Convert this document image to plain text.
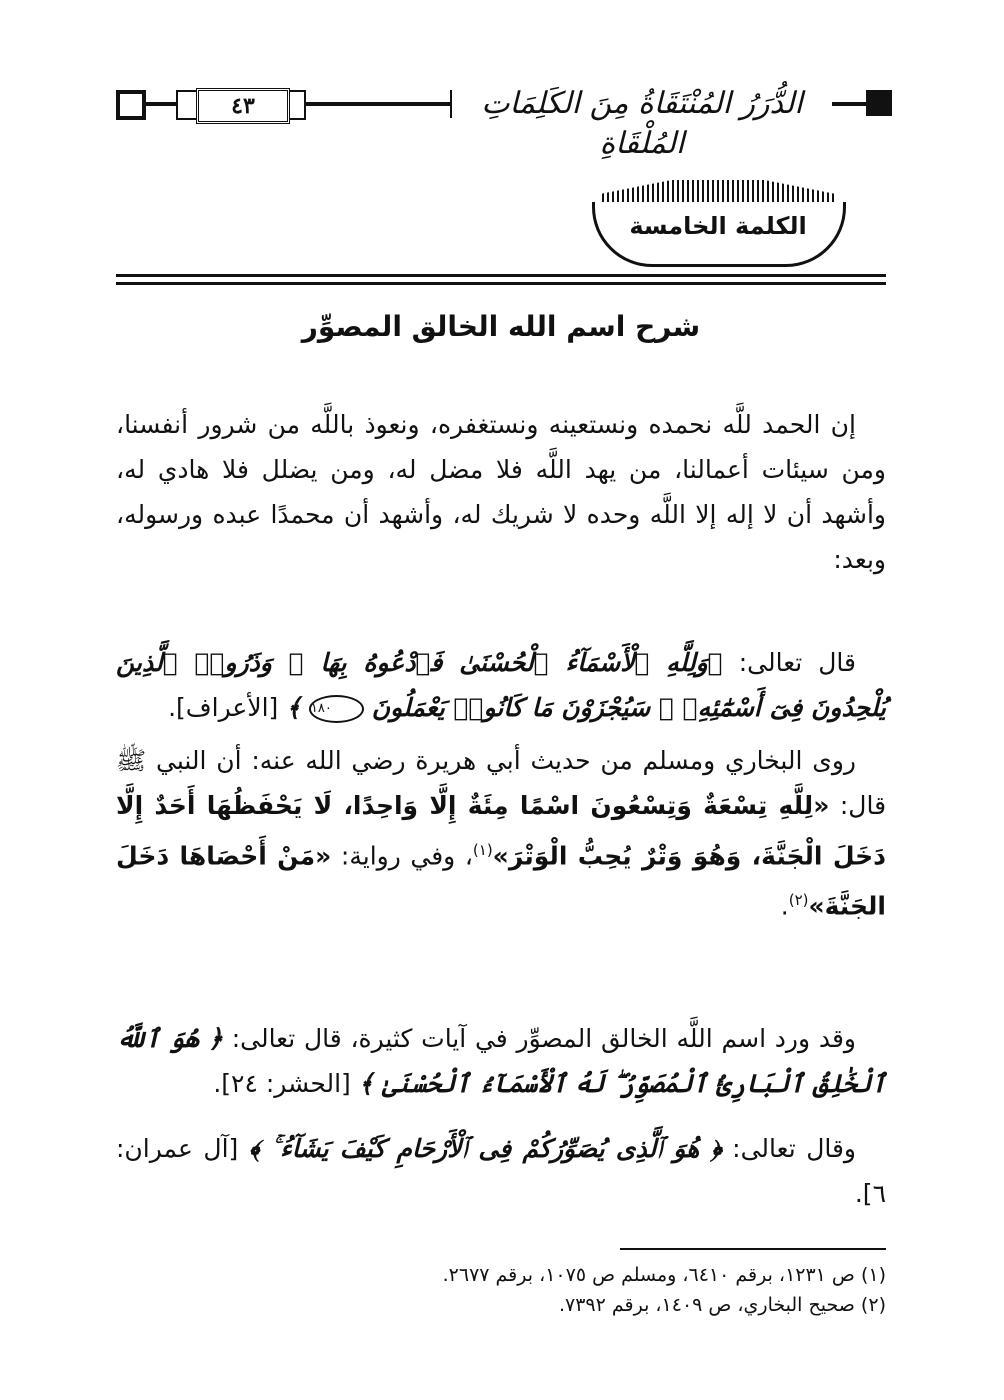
الدُّرَرُ المُنْتَقَاةُ مِنَ الكَلِمَاتِ المُلْقَاةِ
٤٣
الكلمة الخامسة
شرح اسم الله الخالق المصوِّر

إن الحمد للَّه نحمده ونستعينه ونستغفره، ونعوذ باللَّه من شرور أنفسنا، ومن سيئات أعمالنا، من يهد اللَّه فلا مضل له، ومن يضلل فلا هادي له، وأشهد أن لا إله إلا اللَّه وحده لا شريك له، وأشهد أن محمدًا عبده ورسوله، وبعد:

قال تعالى: ﴿وَلِلَّهِ ٱلْأَسْمَآءُ ٱلْحُسْنَىٰ فَٱدْعُوهُ بِهَا ۖ وَذَرُوا۟ ٱلَّذِينَ يُلْحِدُونَ فِىٓ أَسْمَٰٓئِهِۦ ۚ سَيُجْزَوْنَ مَا كَانُوا۟ يَعْمَلُونَ ١٨٠ ﴾ [الأعراف].

روى البخاري ومسلم من حديث أبي هريرة رضي الله عنه: أن النبي ﷺ قال: «لِلَّهِ تِسْعَةٌ وَتِسْعُونَ اسْمًا مِئَةٌ إِلَّا وَاحِدًا، لَا يَحْفَظُهَا أَحَدٌ إِلَّا دَخَلَ الْجَنَّةَ، وَهُوَ وَتْرٌ يُحِبُّ الْوَتْرَ»$^{(١)}$، وفي رواية: «مَنْ أَحْصَاهَا دَخَلَ الجَنَّةَ»$^{(٢)}$.

وقد ورد اسم اللَّه الخالق المصوِّر في آيات كثيرة، قال تعالى: ﴿ هُوَ ٱللَّهُ ٱلْخَٰلِقُ ٱلْبَارِئُ ٱلْمُصَوِّرُ ۖ لَهُ ٱلْأَسْمَآءُ ٱلْحُسْنَىٰ ﴾ [الحشر: ٢٤].

وقال تعالى: ﴿ هُوَ ٱلَّذِى يُصَوِّرُكُمْ فِى ٱلْأَرْحَامِ كَيْفَ يَشَآءُ ۚ ﴾ [آل عمران: ٦].

(١) ص ١٢٣١، برقم ٦٤١٠، ومسلم ص ١٠٧٥، برقم ٢٦٧٧.
(٢) صحيح البخاري، ص ١٤٠٩، برقم ٧٣٩٢.
